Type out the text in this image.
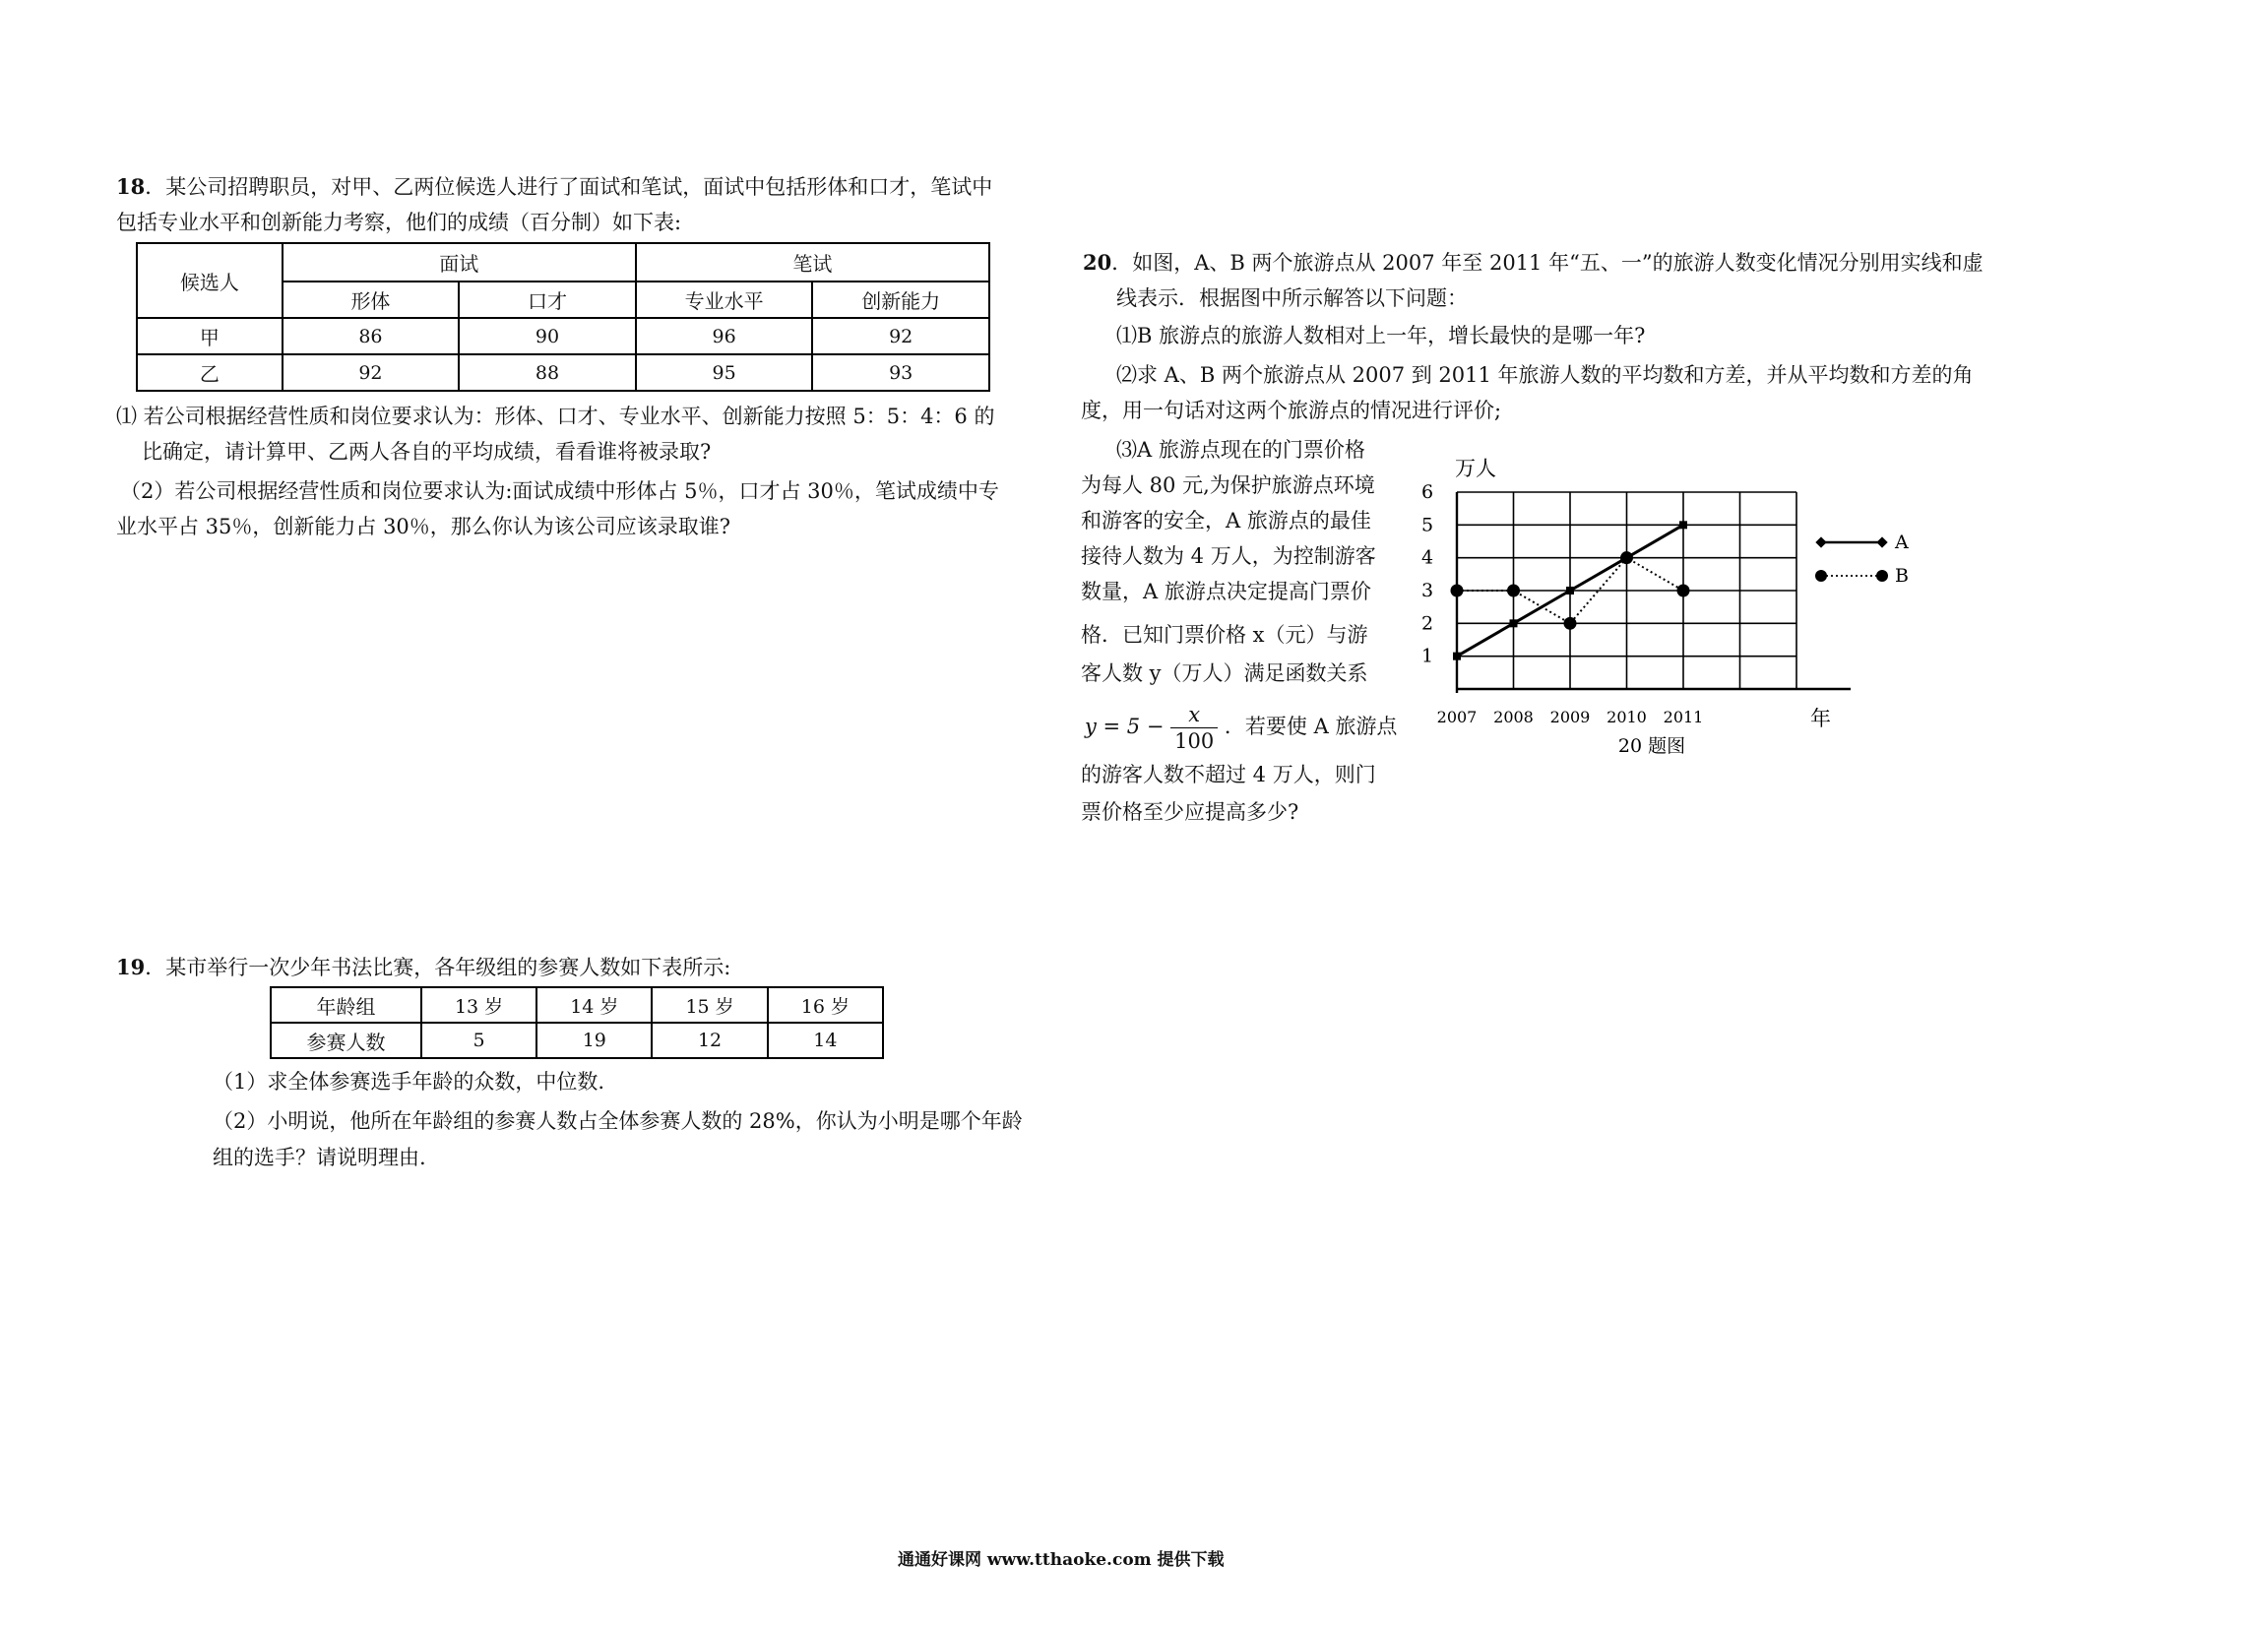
18．某公司招聘职员，对甲、乙两位候选人进行了面试和笔试，面试中包括形体和口才，笔试中
包括专业水平和创新能力考察，他们的成绩（百分制）如下表:
候选人	面试		笔试	
	形体	口才	专业水平	创新能力
甲	86	90	96	92
乙	92	88	95	93
⑴ 若公司根据经营性质和岗位要求认为：形体、口才、专业水平、创新能力按照 5：5：4：6 的
比确定，请计算甲、乙两人各自的平均成绩，看看谁将被录取?
（2）若公司根据经营性质和岗位要求认为:面试成绩中形体占 5％，口才占 30％，笔试成绩中专
业水平占 35％，创新能力占 30％，那么你认为该公司应该录取谁?
19．某市举行一次少年书法比赛，各年级组的参赛人数如下表所示:
年龄组	13 岁	14 岁	15 岁	16 岁
参赛人数	5	19	12	14
（1）求全体参赛选手年龄的众数，中位数.
（2）小明说，他所在年龄组的参赛人数占全体参赛人数的 28%，你认为小明是哪个年龄
组的选手？请说明理由.
20．如图，A、B 两个旅游点从 2007 年至 2011 年“五、一”的旅游人数变化情况分别用实线和虚
线表示．根据图中所示解答以下问题：
⑴B 旅游点的旅游人数相对上一年，增长最快的是哪一年?
⑵求 A、B 两个旅游点从 2007 到 2011 年旅游人数的平均数和方差，并从平均数和方差的角
度，用一句话对这两个旅游点的情况进行评价;
⑶A 旅游点现在的门票价格
为每人 80 元,为保护旅游点环境
和游客的安全，A 旅游点的最佳
接待人数为 4 万人，为控制游客
数量，A 旅游点决定提高门票价
格．已知门票价格 x（元）与游
客人数 y（万人）满足函数关系
$y = 5 - \frac{x}{100}$ ．若要使 A 旅游点
的游客人数不超过 4 万人，则门
票价格至少应提高多少?
万人
年
20 题图
1
2
3
4
5
6
2007 2008 2009 2010 2011
A
B
通通好课网 www.tthaoke.com 提供下载
